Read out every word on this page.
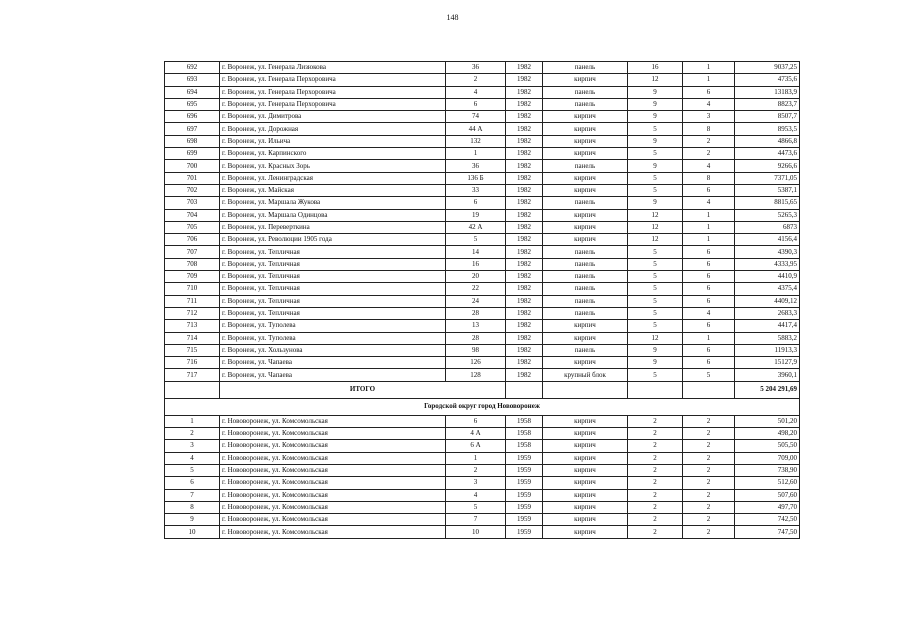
148
692	г. Воронеж, ул. Генерала Лизюкова	36	1982	панель	16	1	9037,25
693	г. Воронеж, ул. Генерала Перхоровича	2	1982	кирпич	12	1	4735,6
694	г. Воронеж, ул. Генерала Перхоровича	4	1982	панель	9	6	13183,9
695	г. Воронеж, ул. Генерала Перхоровича	6	1982	панель	9	4	8823,7
696	г. Воронеж, ул. Димитрова	74	1982	кирпич	9	3	8507,7
697	г. Воронеж, ул. Дорожная	44 А	1982	кирпич	5	8	8953,5
698	г. Воронеж, ул. Ильича	132	1982	кирпич	9	2	4866,8
699	г. Воронеж, ул. Карпинского	1	1982	кирпич	5	2	4473,6
700	г. Воронеж, ул. Красных Зорь	36	1982	панель	9	4	9266,6
701	г. Воронеж, ул. Ленинградская	136 Б	1982	кирпич	5	8	7371,05
702	г. Воронеж, ул. Майская	33	1982	кирпич	5	6	5387,1
703	г. Воронеж, ул. Маршала Жукова	6	1982	панель	9	4	8815,65
704	г. Воронеж, ул. Маршала Одинцова	19	1982	кирпич	12	1	5265,3
705	г. Воронеж, ул. Переверткина	42 А	1982	кирпич	12	1	6873
706	г. Воронеж, ул. Революции 1905 года	5	1982	кирпич	12	1	4156,4
707	г. Воронеж, ул. Тепличная	14	1982	панель	5	6	4390,3
708	г. Воронеж, ул. Тепличная	16	1982	панель	5	6	4333,95
709	г. Воронеж, ул. Тепличная	20	1982	панель	5	6	4410,9
710	г. Воронеж, ул. Тепличная	22	1982	панель	5	6	4375,4
711	г. Воронеж, ул. Тепличная	24	1982	панель	5	6	4409,12
712	г. Воронеж, ул. Тепличная	28	1982	панель	5	4	2683,3
713	г. Воронеж, ул. Туполева	13	1982	кирпич	5	6	4417,4
714	г. Воронеж, ул. Туполева	28	1982	кирпич	12	1	5883,2
715	г. Воронеж, ул. Хользунова	98	1982	панель	9	6	11913,3
716	г. Воронеж, ул. Чапаева	126	1982	кирпич	9	6	15127,9
717	г. Воронеж, ул. Чапаева	128	1982	крупный блок	5	5	3960,1
	ИТОГО						5 204 291,69
Городской округ город Нововоронеж							
1	г. Нововоронеж, ул. Комсомольская	6	1958	кирпич	2	2	501,20
2	г. Нововоронеж, ул. Комсомольская	4 А	1958	кирпич	2	2	498,20
3	г. Нововоронеж, ул. Комсомольская	6 А	1958	кирпич	2	2	505,50
4	г. Нововоронеж, ул. Комсомольская	1	1959	кирпич	2	2	709,00
5	г. Нововоронеж, ул. Комсомольская	2	1959	кирпич	2	2	738,90
6	г. Нововоронеж, ул. Комсомольская	3	1959	кирпич	2	2	512,60
7	г. Нововоронеж, ул. Комсомольская	4	1959	кирпич	2	2	507,60
8	г. Нововоронеж, ул. Комсомольская	5	1959	кирпич	2	2	497,70
9	г. Нововоронеж, ул. Комсомольская	7	1959	кирпич	2	2	742,50
10	г. Нововоронеж, ул. Комсомольская	10	1959	кирпич	2	2	747,50
